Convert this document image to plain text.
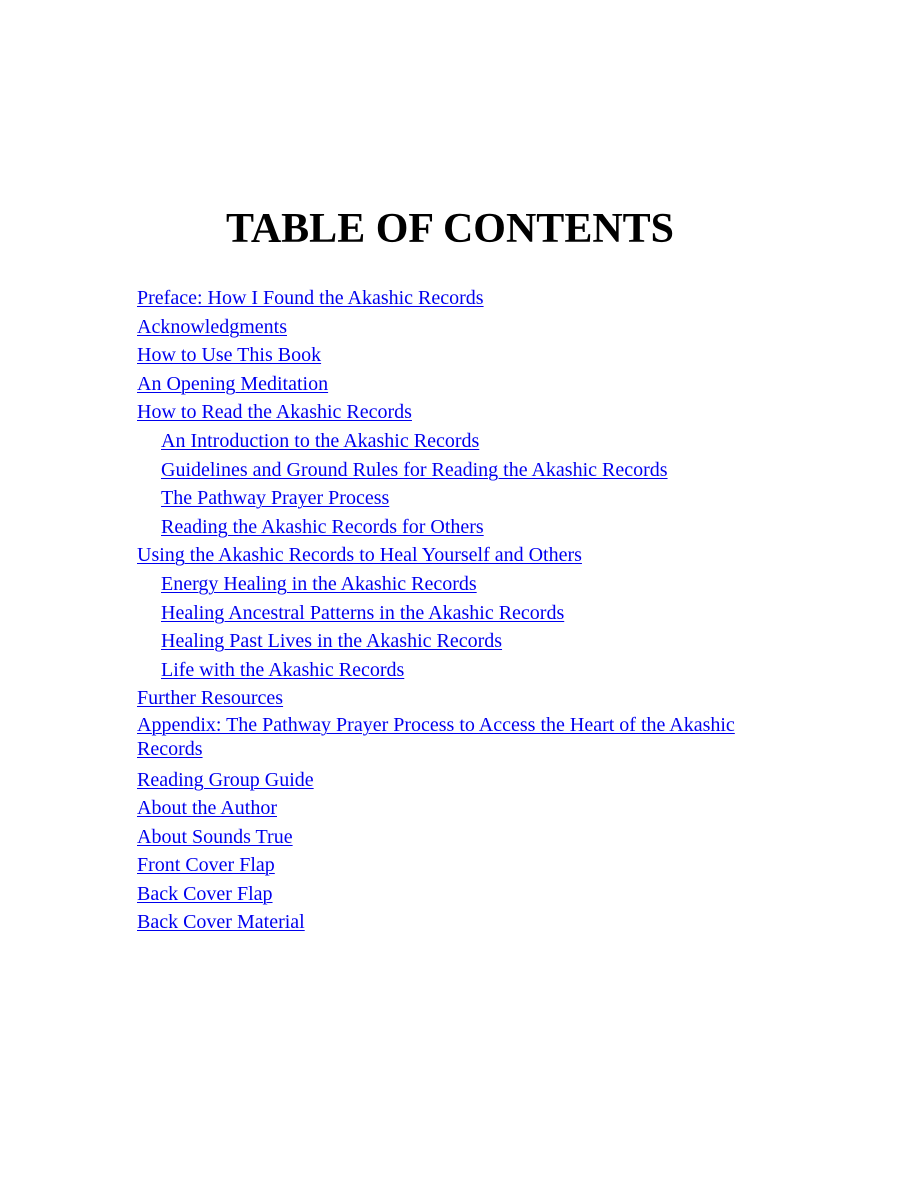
TABLE OF CONTENTS
Preface: How I Found the Akashic Records
Acknowledgments
How to Use This Book
An Opening Meditation
How to Read the Akashic Records
An Introduction to the Akashic Records
Guidelines and Ground Rules for Reading the Akashic Records
The Pathway Prayer Process
Reading the Akashic Records for Others
Using the Akashic Records to Heal Yourself and Others
Energy Healing in the Akashic Records
Healing Ancestral Patterns in the Akashic Records
Healing Past Lives in the Akashic Records
Life with the Akashic Records
Further Resources
Appendix: The Pathway Prayer Process to Access the Heart of the Akashic Records
Reading Group Guide
About the Author
About Sounds True
Front Cover Flap
Back Cover Flap
Back Cover Material
